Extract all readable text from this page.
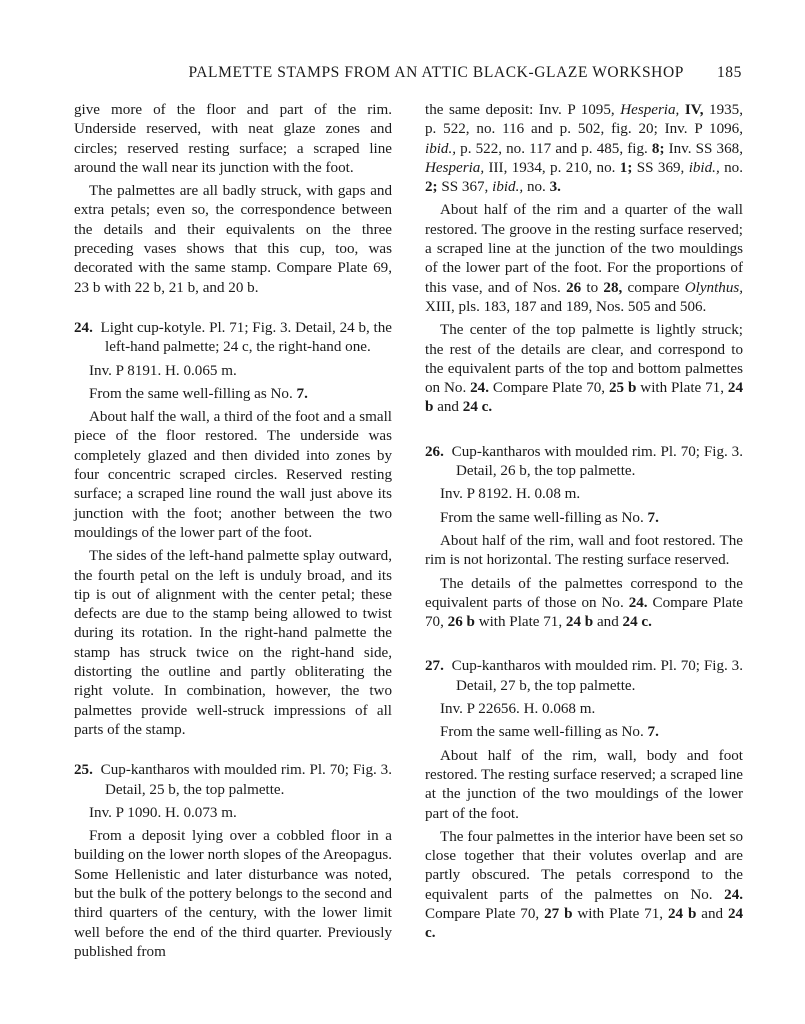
PALMETTE STAMPS FROM AN ATTIC BLACK-GLAZE WORKSHOP 185

give more of the floor and part of the rim. Underside reserved, with neat glaze zones and circles; reserved resting surface; a scraped line around the wall near its junction with the foot.

The palmettes are all badly struck, with gaps and extra petals; even so, the correspondence between the details and their equivalents on the three preceding vases shows that this cup, too, was decorated with the same stamp. Compare Plate 69, 23 b with 22 b, 21 b, and 20 b.

24. Light cup-kotyle. Pl. 71; Fig. 3. Detail, 24 b, the left-hand palmette; 24 c, the right-hand one.

Inv. P 8191. H. 0.065 m.

From the same well-filling as No. 7.

About half the wall, a third of the foot and a small piece of the floor restored. The underside was completely glazed and then divided into zones by four concentric scraped circles. Reserved resting surface; a scraped line round the wall just above its junction with the foot; another between the two mouldings of the lower part of the foot.

The sides of the left-hand palmette splay outward, the fourth petal on the left is unduly broad, and its tip is out of alignment with the center petal; these defects are due to the stamp being allowed to twist during its rotation. In the right-hand palmette the stamp has struck twice on the right-hand side, distorting the outline and partly obliterating the right volute. In combination, however, the two palmettes provide well-struck impressions of all parts of the stamp.

25. Cup-kantharos with moulded rim. Pl. 70; Fig. 3. Detail, 25 b, the top palmette.

Inv. P 1090. H. 0.073 m.

From a deposit lying over a cobbled floor in a building on the lower north slopes of the Areopagus. Some Hellenistic and later disturbance was noted, but the bulk of the pottery belongs to the second and third quarters of the century, with the lower limit well before the end of the third quarter. Previously published from

the same deposit: Inv. P 1095, Hesperia, IV, 1935, p. 522, no. 116 and p. 502, fig. 20; Inv. P 1096, ibid., p. 522, no. 117 and p. 485, fig. 8; Inv. SS 368, Hesperia, III, 1934, p. 210, no. 1; SS 369, ibid., no. 2; SS 367, ibid., no. 3.

About half of the rim and a quarter of the wall restored. The groove in the resting surface reserved; a scraped line at the junction of the two mouldings of the lower part of the foot. For the proportions of this vase, and of Nos. 26 to 28, compare Olynthus, XIII, pls. 183, 187 and 189, Nos. 505 and 506.

The center of the top palmette is lightly struck; the rest of the details are clear, and correspond to the equivalent parts of the top and bottom palmettes on No. 24. Compare Plate 70, 25 b with Plate 71, 24 b and 24 c.

26. Cup-kantharos with moulded rim. Pl. 70; Fig. 3. Detail, 26 b, the top palmette.

Inv. P 8192. H. 0.08 m.

From the same well-filling as No. 7.

About half of the rim, wall and foot restored. The rim is not horizontal. The resting surface reserved.

The details of the palmettes correspond to the equivalent parts of those on No. 24. Compare Plate 70, 26 b with Plate 71, 24 b and 24 c.

27. Cup-kantharos with moulded rim. Pl. 70; Fig. 3. Detail, 27 b, the top palmette.

Inv. P 22656. H. 0.068 m.

From the same well-filling as No. 7.

About half of the rim, wall, body and foot restored. The resting surface reserved; a scraped line at the junction of the two mouldings of the lower part of the foot.

The four palmettes in the interior have been set so close together that their volutes overlap and are partly obscured. The petals correspond to the equivalent parts of the palmettes on No. 24. Compare Plate 70, 27 b with Plate 71, 24 b and 24 c.
